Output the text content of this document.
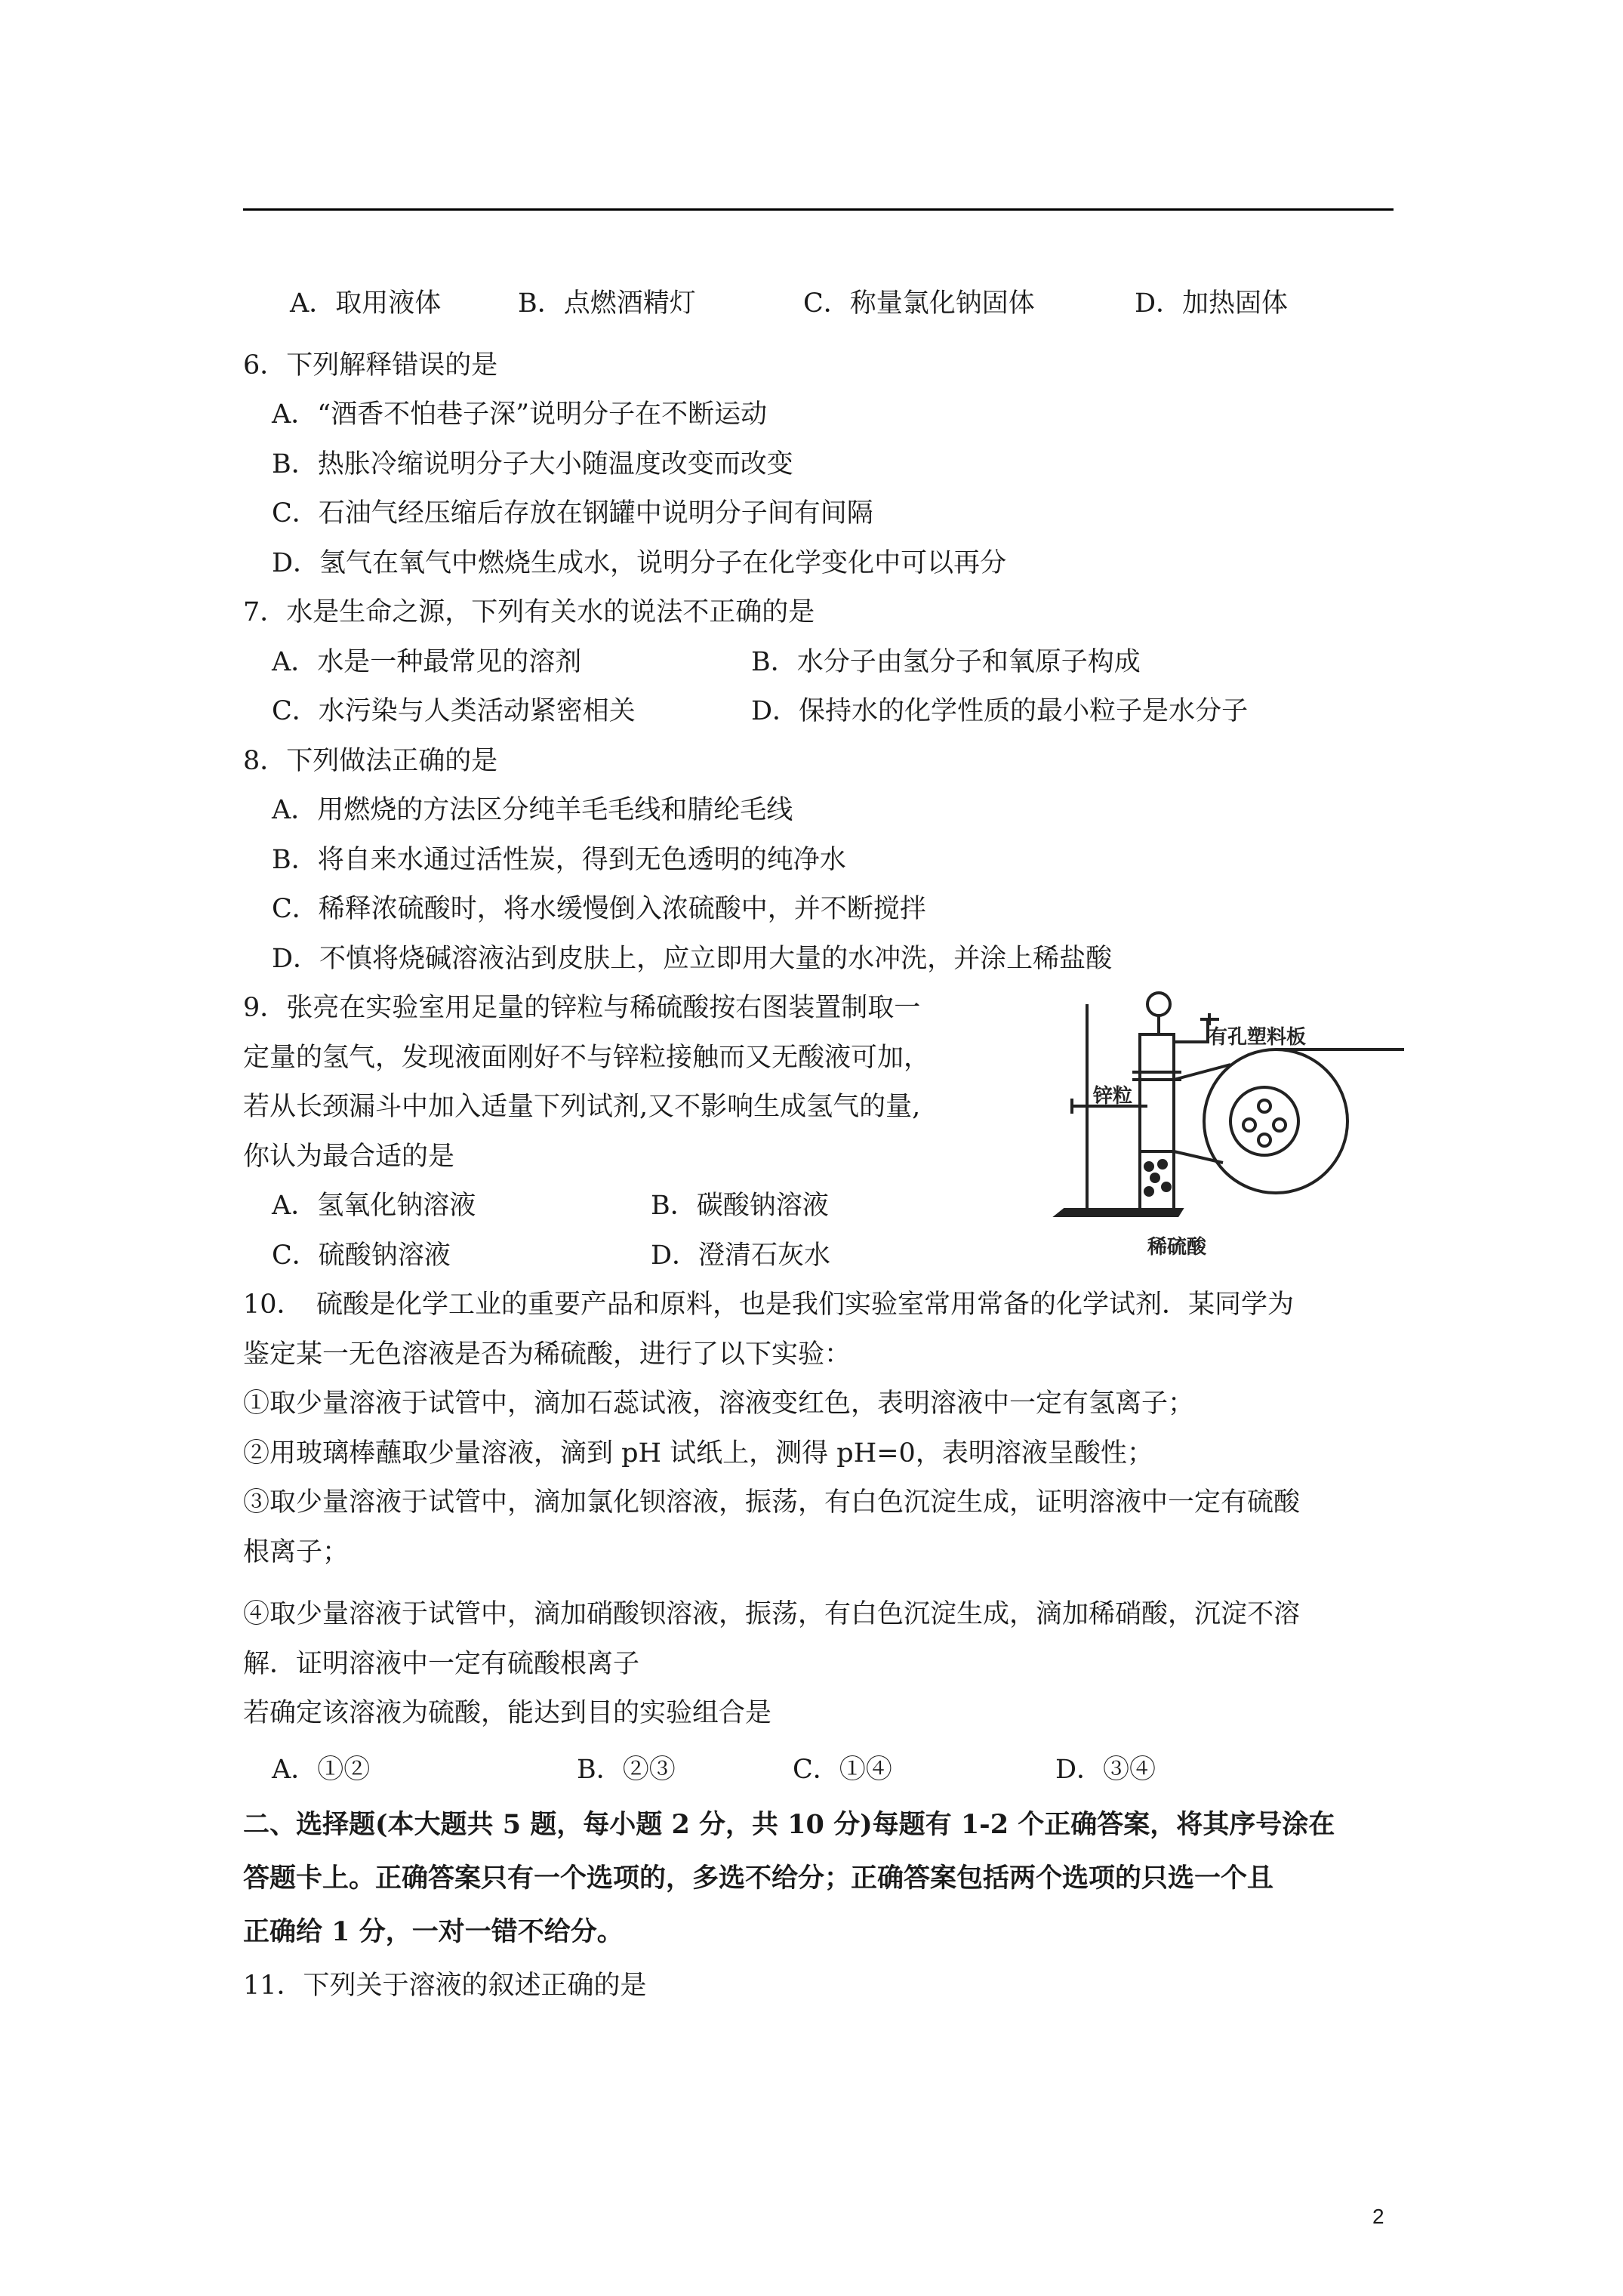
A．取用液体	B．点燃酒精灯	C．称量氯化钠固体	D．加热固体
6．下列解释错误的是
A．“酒香不怕巷子深”说明分子在不断运动
B．热胀冷缩说明分子大小随温度改变而改变
C．石油气经压缩后存放在钢罐中说明分子间有间隔
D．氢气在氧气中燃烧生成水，说明分子在化学变化中可以再分
7．水是生命之源，下列有关水的说法不正确的是
A．水是一种最常见的溶剂	B．水分子由氢分子和氧原子构成
C．水污染与人类活动紧密相关	D．保持水的化学性质的最小粒子是水分子
8．下列做法正确的是
A．用燃烧的方法区分纯羊毛毛线和腈纶毛线
B．将自来水通过活性炭，得到无色透明的纯净水
C．稀释浓硫酸时，将水缓慢倒入浓硫酸中，并不断搅拌
D．不慎将烧碱溶液沾到皮肤上，应立即用大量的水冲洗，并涂上稀盐酸
9．张亮在实验室用足量的锌粒与稀硫酸按右图装置制取一
定量的氢气，发现液面刚好不与锌粒接触而又无酸液可加，
若从长颈漏斗中加入适量下列试剂,又不影响生成氢气的量,
你认为最合适的是
A．氢氧化钠溶液	B．碳酸钠溶液
C．硫酸钠溶液	D．澄清石灰水
有孔塑料板
锌粒
稀硫酸
10．　硫酸是化学工业的重要产品和原料，也是我们实验室常用常备的化学试剂．某同学为
鉴定某一无色溶液是否为稀硫酸，进行了以下实验：
①取少量溶液于试管中，滴加石蕊试液，溶液变红色，表明溶液中一定有氢离子；
②用玻璃棒蘸取少量溶液，滴到 pH 试纸上，测得 pH=0，表明溶液呈酸性；
③取少量溶液于试管中，滴加氯化钡溶液，振荡，有白色沉淀生成，证明溶液中一定有硫酸
根离子；
④取少量溶液于试管中，滴加硝酸钡溶液，振荡，有白色沉淀生成，滴加稀硝酸，沉淀不溶
解．证明溶液中一定有硫酸根离子
若确定该溶液为硫酸，能达到目的实验组合是
A．①②	B．②③	C．①④	D．③④
二、选择题(本大题共 5 题，每小题 2 分，共 10 分)每题有 1-2 个正确答案，将其序号涂在
答题卡上。正确答案只有一个选项的，多选不给分；正确答案包括两个选项的只选一个且
正确给 1 分，一对一错不给分。
11．下列关于溶液的叙述正确的是
2
